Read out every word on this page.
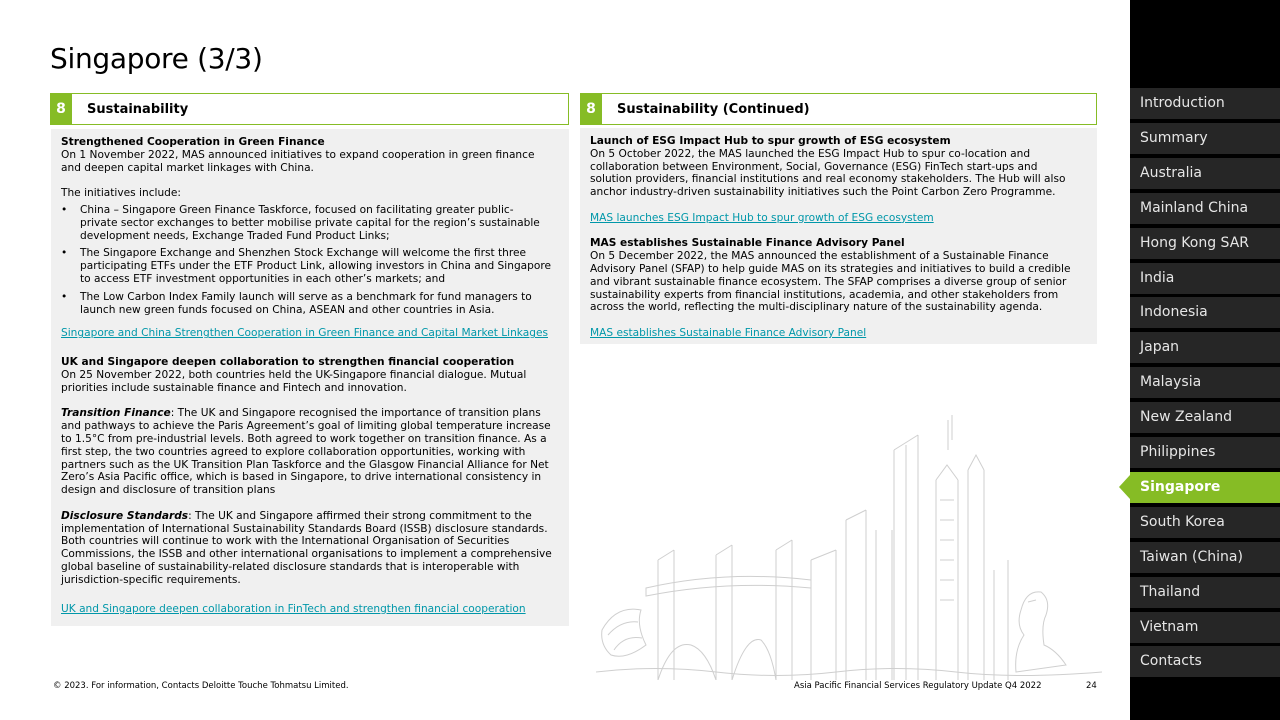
Singapore (3/3)
8	Sustainability

Strengthened Cooperation in Green Finance

On 1 November 2022, MAS announced initiatives to expand cooperation in green finance

and deepen capital market linkages with China.

The initiatives include:

• China – Singapore Green Finance Taskforce, focused on facilitating greater public-
private sector exchanges to better mobilise private capital for the region’s sustainable
development needs, Exchange Traded Fund Product Links;
• The Singapore Exchange and Shenzhen Stock Exchange will welcome the first three
participating ETFs under the ETF Product Link, allowing investors in China and Singapore
to access ETF investment opportunities in each other’s markets; and
• The Low Carbon Index Family launch will serve as a benchmark for fund managers to
launch new green funds focused on China, ASEAN and other countries in Asia.

Singapore and China Strengthen Cooperation in Green Finance and Capital Market Linkages

UK and Singapore deepen collaboration to strengthen financial cooperation

On 25 November 2022, both countries held the UK-Singapore financial dialogue. Mutual

priorities include sustainable finance and Fintech and innovation.

Transition Finance: The UK and Singapore recognised the importance of transition plans

and pathways to achieve the Paris Agreement’s goal of limiting global temperature increase

to 1.5°C from pre-industrial levels. Both agreed to work together on transition finance. As a

first step, the two countries agreed to explore collaboration opportunities, working with

partners such as the UK Transition Plan Taskforce and the Glasgow Financial Alliance for Net

Zero’s Asia Pacific office, which is based in Singapore, to drive international consistency in

design and disclosure of transition plans

Disclosure Standards: The UK and Singapore affirmed their strong commitment to the

implementation of International Sustainability Standards Board (ISSB) disclosure standards.

Both countries will continue to work with the International Organisation of Securities

Commissions, the ISSB and other international organisations to implement a comprehensive

global baseline of sustainability-related disclosure standards that is interoperable with

jurisdiction-specific requirements.

UK and Singapore deepen collaboration in FinTech and strengthen financial cooperation

8	Sustainability (Continued)

Launch of ESG Impact Hub to spur growth of ESG ecosystem

On 5 October 2022, the MAS launched the ESG Impact Hub to spur co-location and

collaboration between Environment, Social, Governance (ESG) FinTech start-ups and

solution providers, financial institutions and real economy stakeholders. The Hub will also

anchor industry-driven sustainability initiatives such the Point Carbon Zero Programme.

MAS launches ESG Impact Hub to spur growth of ESG ecosystem

MAS establishes Sustainable Finance Advisory Panel

On 5 December 2022, the MAS announced the establishment of a Sustainable Finance

Advisory Panel (SFAP) to help guide MAS on its strategies and initiatives to build a credible

and vibrant sustainable finance ecosystem. The SFAP comprises a diverse group of senior

sustainability experts from financial institutions, academia, and other stakeholders from

across the world, reflecting the multi-disciplinary nature of the sustainability agenda.

MAS establishes Sustainable Finance Advisory Panel

Introduction
Summary
Australia
Mainland China
Hong Kong SAR
India
Indonesia
Japan
Malaysia
New Zealand
Philippines
Singapore
South Korea
Taiwan (China)
Thailand
Vietnam
Contacts
© 2023. For information, Contacts Deloitte Touche Tohmatsu Limited.	Asia Pacific Financial Services Regulatory Update Q4 2022	24
